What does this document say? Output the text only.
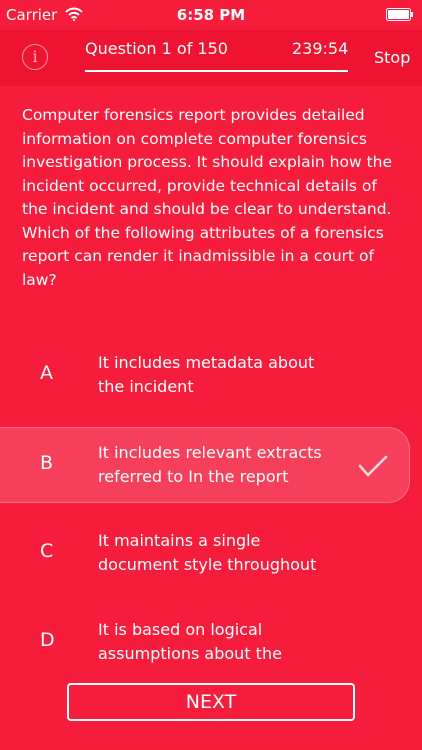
Carrier	6:58 PM
i	Question 1 of 150	239:54 Stop
Computer forensics report provides detailed information on complete computer forensics investigation process. It should explain how the incident occurred, provide technical details of the incident and should be clear to understand. Which of the following attributes of a forensics report can render it inadmissible in a court of law?
A	It includes metadata about the incident
B	It includes relevant extracts referred to In the report
C	It maintains a single document style throughout
D	It is based on logical assumptions about the
NEXT
